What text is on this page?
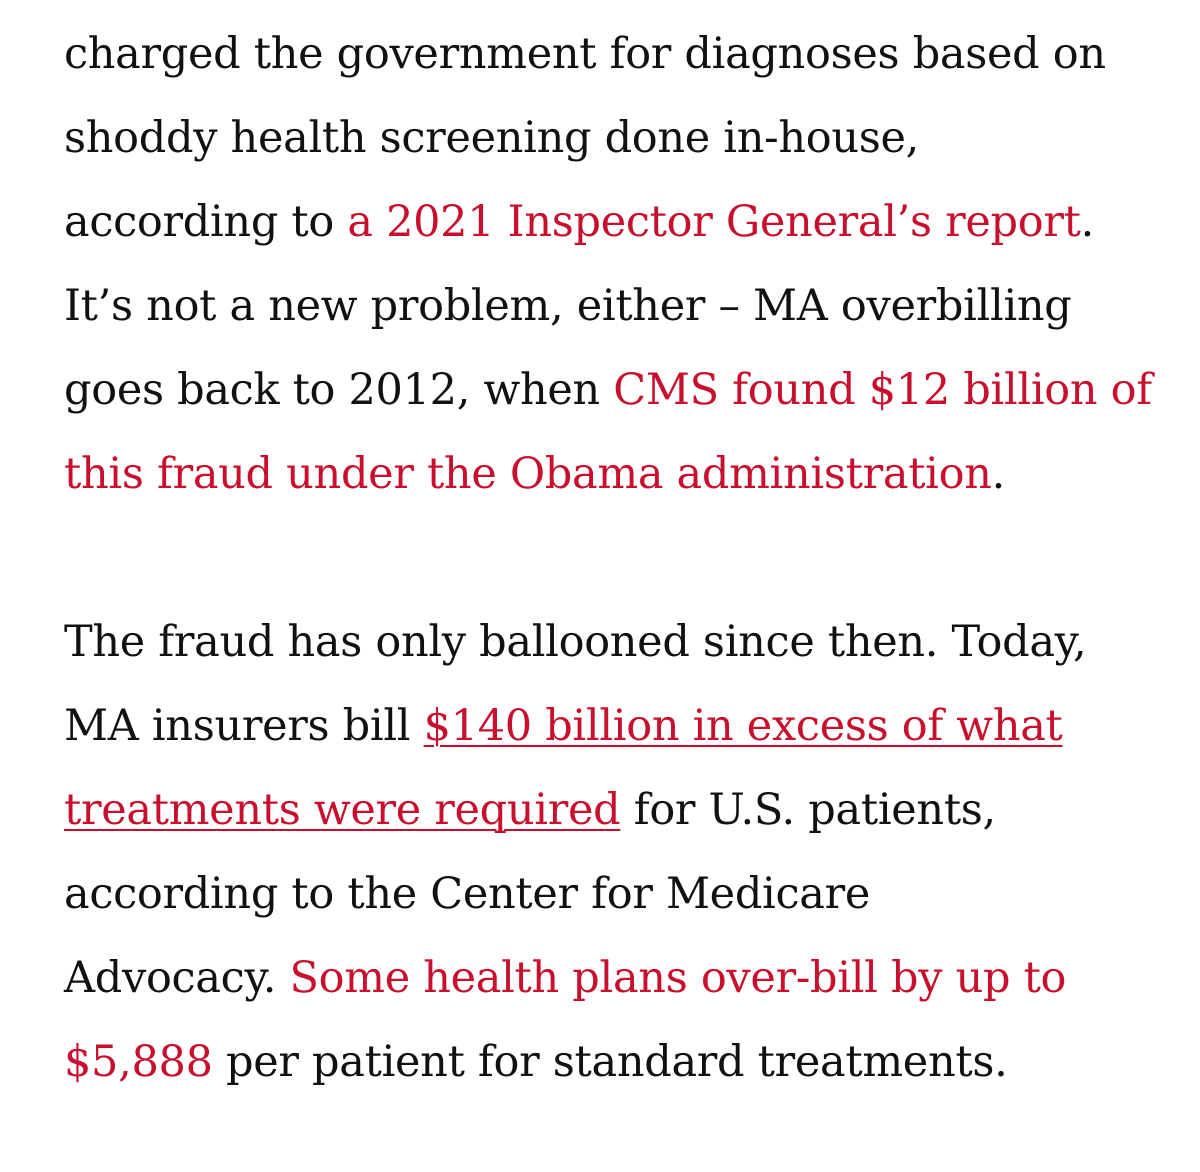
charged the government for diagnoses based on
shoddy health screening done in-house,
according to a 2021 Inspector General’s report.
It’s not a new problem, either – MA overbilling
goes back to 2012, when CMS found $12 billion of
this fraud under the Obama administration.

The fraud has only ballooned since then. Today,
MA insurers bill $140 billion in excess of what
treatments were required for U.S. patients,
according to the Center for Medicare
Advocacy. Some health plans over-bill by up to
$5,888 per patient for standard treatments.
